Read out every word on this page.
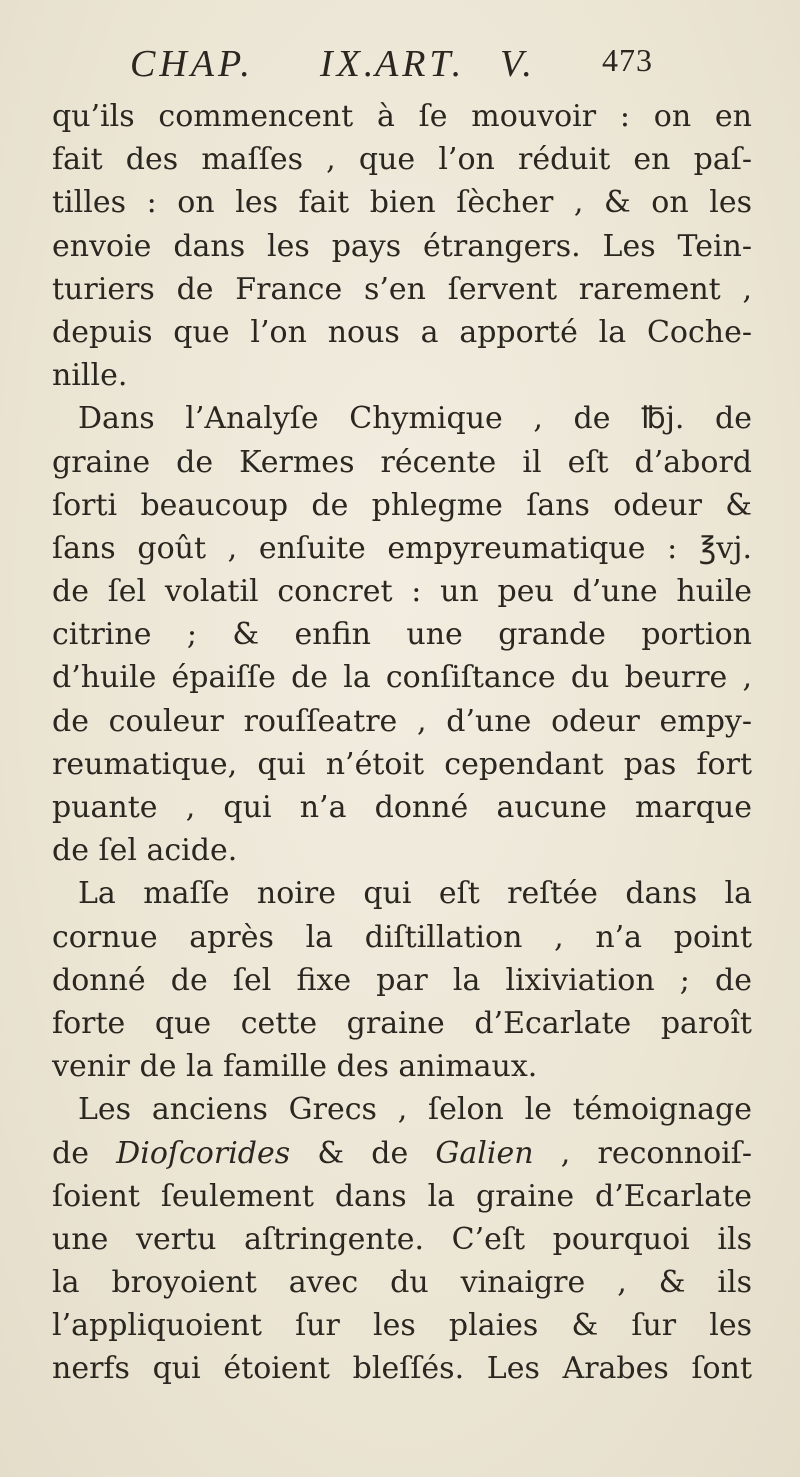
CHAP. IX.
ART. V. 473
qu’ils commencent à ſe mouvoir : on en
fait des maſſes , que l’on réduit en paſ-
tilles : on les fait bien ſècher , & on les
envoie dans les pays étrangers. Les Tein-
turiers de France s’en ſervent rarement ,
depuis que l’on nous a apporté la Coche-
nille.
Dans l’Analyſe Chymique , de ℔j. de
graine de Kermes récente il eſt d’abord
ſorti beaucoup de phlegme ſans odeur &
ſans goût , enſuite empyreumatique : ℥vj.
de ſel volatil concret : un peu d’une huile
citrine ; & enfin une grande portion
d’huile épaiſſe de la conſiſtance du beurre ,
de couleur rouſſeatre , d’une odeur empy-
reumatique, qui n’étoit cependant pas fort
puante , qui n’a donné aucune marque
de ſel acide.
La maſſe noire qui eſt reſtée dans la
cornue après la diſtillation , n’a point
donné de ſel fixe par la lixiviation ; de
forte que cette graine d’Ecarlate paroît
venir de la famille des animaux.
Les anciens Grecs , ſelon le témoignage
de Dioſcorides & de Galien , reconnoiſ-
ſoient ſeulement dans la graine d’Ecarlate
une vertu aſtringente. C’eſt pourquoi ils
la broyoient avec du vinaigre , & ils
l’appliquoient ſur les plaies & ſur les
nerfs qui étoient bleſſés. Les Arabes ſont
